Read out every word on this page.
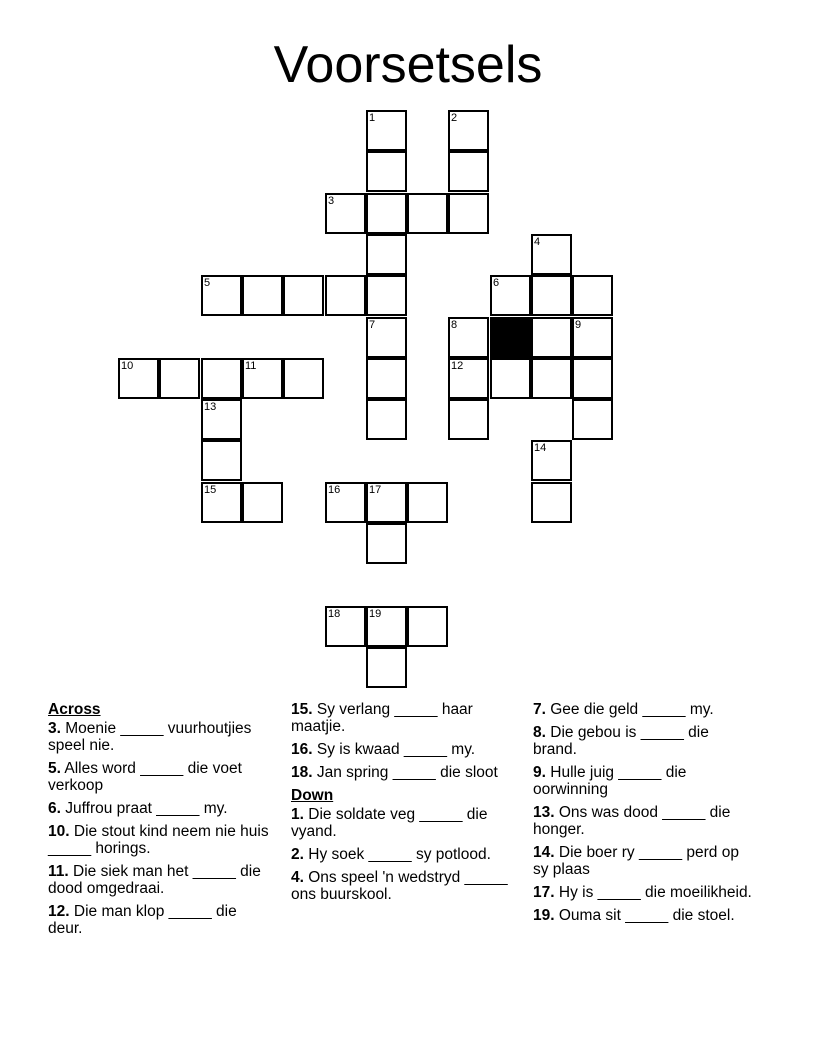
Voorsetsels
1	2
3
4
5	6
7	8	9
10	11	12
13
14
15	16	17
18	19
Across
3. Moenie _____ vuurhoutjies speel nie.
5. Alles word _____ die voet verkoop
6. Juffrou praat _____ my.
10. Die stout kind neem nie huis _____ horings.
11. Die siek man het _____ die dood omgedraai.
12. Die man klop _____ die deur.
15. Sy verlang _____ haar maatjie.
16. Sy is kwaad _____ my.
18. Jan spring _____ die sloot
Down
1. Die soldate veg _____ die vyand.
2. Hy soek _____ sy potlood.
4. Ons speel 'n wedstryd _____ ons buurskool.
7. Gee die geld _____ my.
8. Die gebou is _____ die brand.
9. Hulle juig _____ die oorwinning
13. Ons was dood _____ die honger.
14. Die boer ry _____ perd op sy plaas
17. Hy is _____ die moeilikheid.
19. Ouma sit _____ die stoel.
